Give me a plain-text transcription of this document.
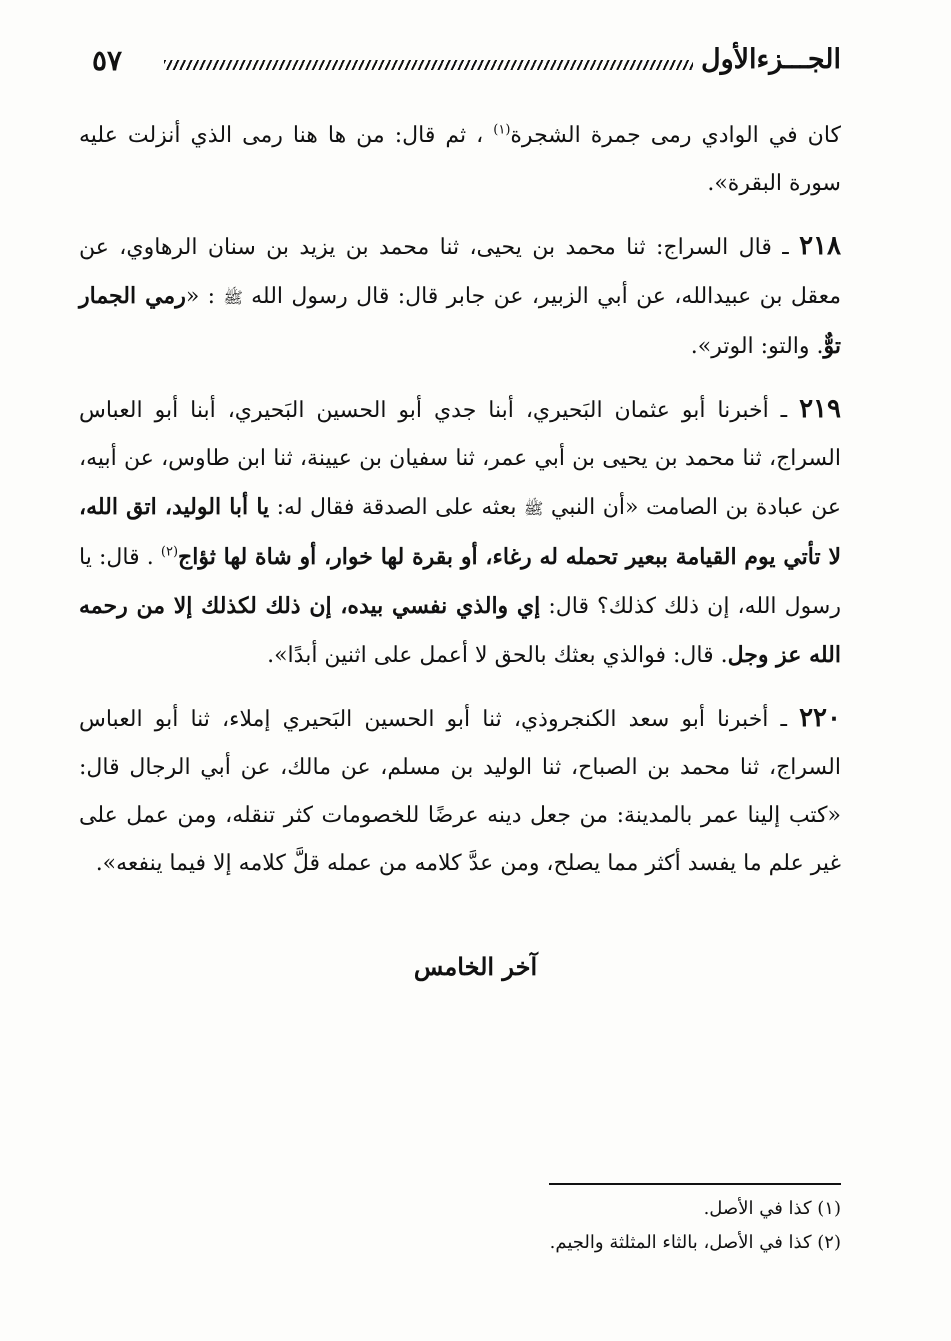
الجـــزءالأول
٥٧

كان في الوادي رمى جمرة الشجرة$^{(١)}$ ، ثم قال: من ها هنا رمى الذي أنزلت عليه سورة البقرة».

٢١٨ ـ قال السراج: ثنا محمد بن يحيى، ثنا محمد بن يزيد بن سنان الرهاوي، عن معقل بن عبيدالله، عن أبي الزبير، عن جابر قال: قال رسول الله ﷺ : «رمي الجمار توٌّ. والتو: الوتر».

٢١٩ ـ أخبرنا أبو عثمان البَحيري، أبنا جدي أبو الحسين البَحيري، أبنا أبو العباس السراج، ثنا محمد بن يحيى بن أبي عمر، ثنا سفيان بن عيينة، ثنا ابن طاوس، عن أبيه، عن عبادة بن الصامت «أن النبي ﷺ بعثه على الصدقة فقال له: يا أبا الوليد، اتق الله، لا تأتي يوم القيامة ببعير تحمله له رغاء، أو بقرة لها خوار، أو شاة لها ثؤاج$^{(٢)}$ . قال: يا رسول الله، إن ذلك كذلك؟ قال: إي والذي نفسي بيده، إن ذلك لكذلك إلا من رحمه الله عز وجل. قال: فوالذي بعثك بالحق لا أعمل على اثنين أبدًا».

٢٢٠ ـ أخبرنا أبو سعد الكنجروذي، ثنا أبو الحسين البَحيري إملاء، ثنا أبو العباس السراج، ثنا محمد بن الصباح، ثنا الوليد بن مسلم، عن مالك، عن أبي الرجال قال: «كتب إلينا عمر بالمدينة: من جعل دينه عرضًا للخصومات كثر تنقله، ومن عمل على غير علم ما يفسد أكثر مما يصلح، ومن عدَّ كلامه من عمله قلَّ كلامه إلا فيما ينفعه».

آخر الخامس
(١) كذا في الأصل.
(٢) كذا في الأصل، بالثاء المثلثة والجيم.
